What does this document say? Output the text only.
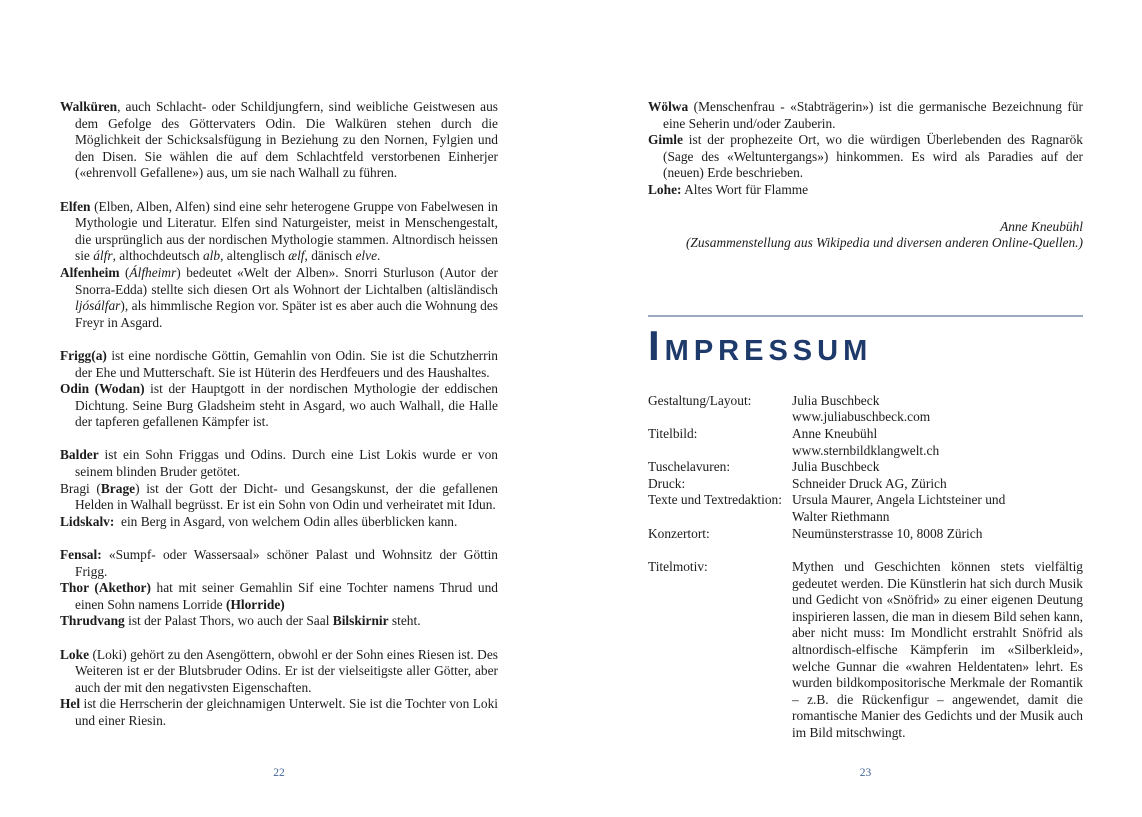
Walküren, auch Schlacht- oder Schildjungfern, sind weibliche Geistwesen aus dem Gefolge des Göttervaters Odin. Die Walküren stehen durch die Möglichkeit der Schicksalsfügung in Beziehung zu den Nornen, Fylgien und den Disen. Sie wählen die auf dem Schlachtfeld verstorbenen Einherjer («ehrenvoll Gefallene») aus, um sie nach Walhall zu führen.

Elfen (Elben, Alben, Alfen) sind eine sehr heterogene Gruppe von Fabelwesen in Mythologie und Literatur. Elfen sind Naturgeister, meist in Menschengestalt, die ursprünglich aus der nordischen Mythologie stammen. Altnordisch heissen sie álfr, althochdeutsch alb, altenglisch ælf, dänisch elve.

Alfenheim (Álfheimr) bedeutet «Welt der Alben». Snorri Sturluson (Autor der Snorra-Edda) stellte sich diesen Ort als Wohnort der Lichtalben (altisländisch ljósálfar), als himmlische Region vor. Später ist es aber auch die Wohnung des Freyr in Asgard.

Frigg(a) ist eine nordische Göttin, Gemahlin von Odin. Sie ist die Schutzherrin der Ehe und Mutterschaft. Sie ist Hüterin des Herdfeuers und des Haushaltes.

Odin (Wodan) ist der Hauptgott in der nordischen Mythologie der eddischen Dichtung. Seine Burg Gladsheim steht in Asgard, wo auch Walhall, die Halle der tapferen gefallenen Kämpfer ist.

Balder ist ein Sohn Friggas und Odins. Durch eine List Lokis wurde er von seinem blinden Bruder getötet.

Bragi (Brage) ist der Gott der Dicht- und Gesangskunst, der die gefallenen Helden in Walhall begrüsst. Er ist ein Sohn von Odin und verheiratet mit Idun.

Lidskalv:  ein Berg in Asgard, von welchem Odin alles überblicken kann.

Fensal: «Sumpf- oder Wassersaal» schöner Palast und Wohnsitz der Göttin Frigg.

Thor (Akethor) hat mit seiner Gemahlin Sif eine Tochter namens Thrud und einen Sohn namens Lorride (Hlorride)

Thrudvang ist der Palast Thors, wo auch der Saal Bilskirnir steht.

Loke (Loki) gehört zu den Asengöttern, obwohl er der Sohn eines Riesen ist. Des Weiteren ist er der Blutsbruder Odins. Er ist der vielseitigste aller Götter, aber auch der mit den negativsten Eigenschaften.

Hel ist die Herrscherin der gleichnamigen Unterwelt. Sie ist die Tochter von Loki und einer Riesin.

Wölwa (Menschenfrau - «Stabträgerin») ist die germanische Bezeichnung für eine Seherin und/oder Zauberin.

Gimle ist der prophezeite Ort, wo die würdigen Überlebenden des Ragnarök (Sage des «Weltuntergangs») hinkommen. Es wird als Paradies auf der (neuen) Erde beschrieben.

Lohe: Altes Wort für Flamme

Anne Kneubühl
(Zusammenstellung aus Wikipedia und diversen anderen Online-Quellen.)
IMPRESSUM
Gestaltung/Layout:	Julia Buschbeck
www.juliabuschbeck.com
Titelbild:	Anne Kneubühl
www.sternbildklangwelt.ch
Tuschelavuren:	Julia Buschbeck
Druck:	Schneider Druck AG, Zürich
Texte und Textredaktion: Ursula Maurer, Angela Lichtsteiner und
Walter Riethmann
Konzertort:	Neumünsterstrasse 10, 8008 Zürich
Titelmotiv:	Mythen und Geschichten können stets vielfältig gedeutet werden. Die Künstlerin hat sich durch Musik und Gedicht von «Snöfrid» zu einer eigenen Deutung inspirieren lassen, die man in diesem Bild sehen kann, aber nicht muss: Im Mondlicht erstrahlt Snöfrid als altnordisch-elfische Kämpferin im «Silberkleid», welche Gunnar die «wahren Heldentaten» lehrt. Es wurden bildkompositorische Merkmale der Romantik – z.B. die Rückenfigur – angewendet, damit die romantische Manier des Gedichts und der Musik auch im Bild mitschwingt.
22	23
